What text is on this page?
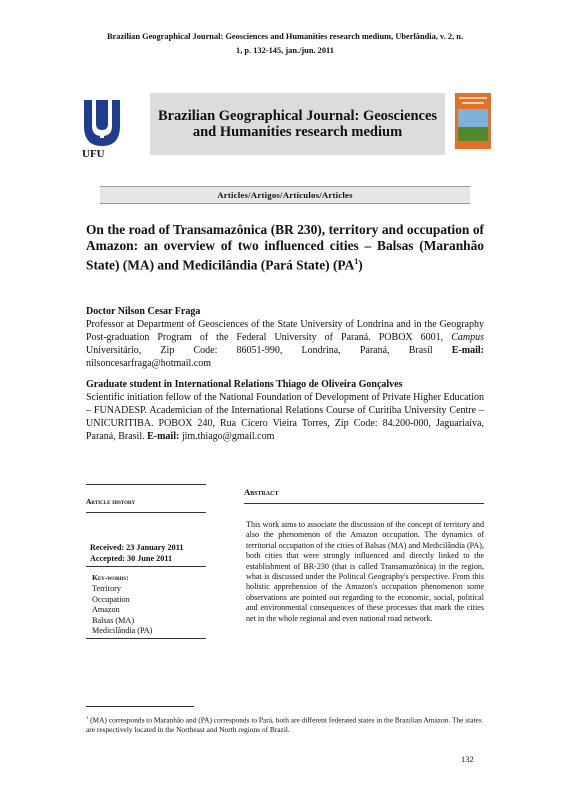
Brazilian Geographical Journal: Geosciences and Humanities research medium, Uberlândia, v. 2, n.
1, p. 132-145, jan./jun. 2011
UFU
Brazilian Geographical Journal: Geosciences and Humanities research medium
Articles/Artigos/Artículos/Articles
On the road of Transamazônica (BR 230), territory and occupation of Amazon: an overview of two influenced cities – Balsas (Maranhão State) (MA) and Medicilândia (Pará State) $(PA^1)$
Doctor Nilson Cesar Fraga
Professor at Department of Geosciences of the State University of Londrina and in the Geography Post-graduation Program of the Federal University of Paraná. POBOX 6001, Campus Universitário, Zip Code: 86051-990, Londrina, Paraná, Brasil E-mail: nilsoncesarfraga@hotmail.com
Graduate student in International Relations Thiago de Oliveira Gonçalves
Scientific initiation fellow of the National Foundation of Development of Private Higher Education – FUNADESP. Academician of the International Relations Course of Curitiba University Centre – UNICURITIBA. POBOX 240, Rua Cícero Vieira Torres, Zip Code: 84.200-000, Jaguariaíva, Paraná, Brasil. E-mail: jim.thiago@gmail.com
Article history
Received: 23 January 2011
Accepted: 30 June 2011
Key-words:
Territory
Occupation
Amazon
Balsas (MA)
Medicilândia (PA)
Abstract
This work aims to associate the discussion of the concept of territory and also the phenomenon of the Amazon occupation. The dynamics of territorial occupation of the cities of Balsas (MA) and Medicilândia (PA), both cities that were strongly influenced and directly linked to the establishment of BR-230 (that is called Transamazônica) in the region, what is discussed under the Political Geography's perspective. From this holistic apprehension of the Amazon's occupation phenomenon some observations are pointed out regarding to the economic, social, political and environmental consequences of these processes that mark the cities net in the whole regional and even national road network.
$^1$ (MA) corresponds to Maranhão and (PA) corresponds to Pará, both are different federated states in the Brazilian Amazon. The states are respectively located in the Northeast and North regions of Brazil.
132
